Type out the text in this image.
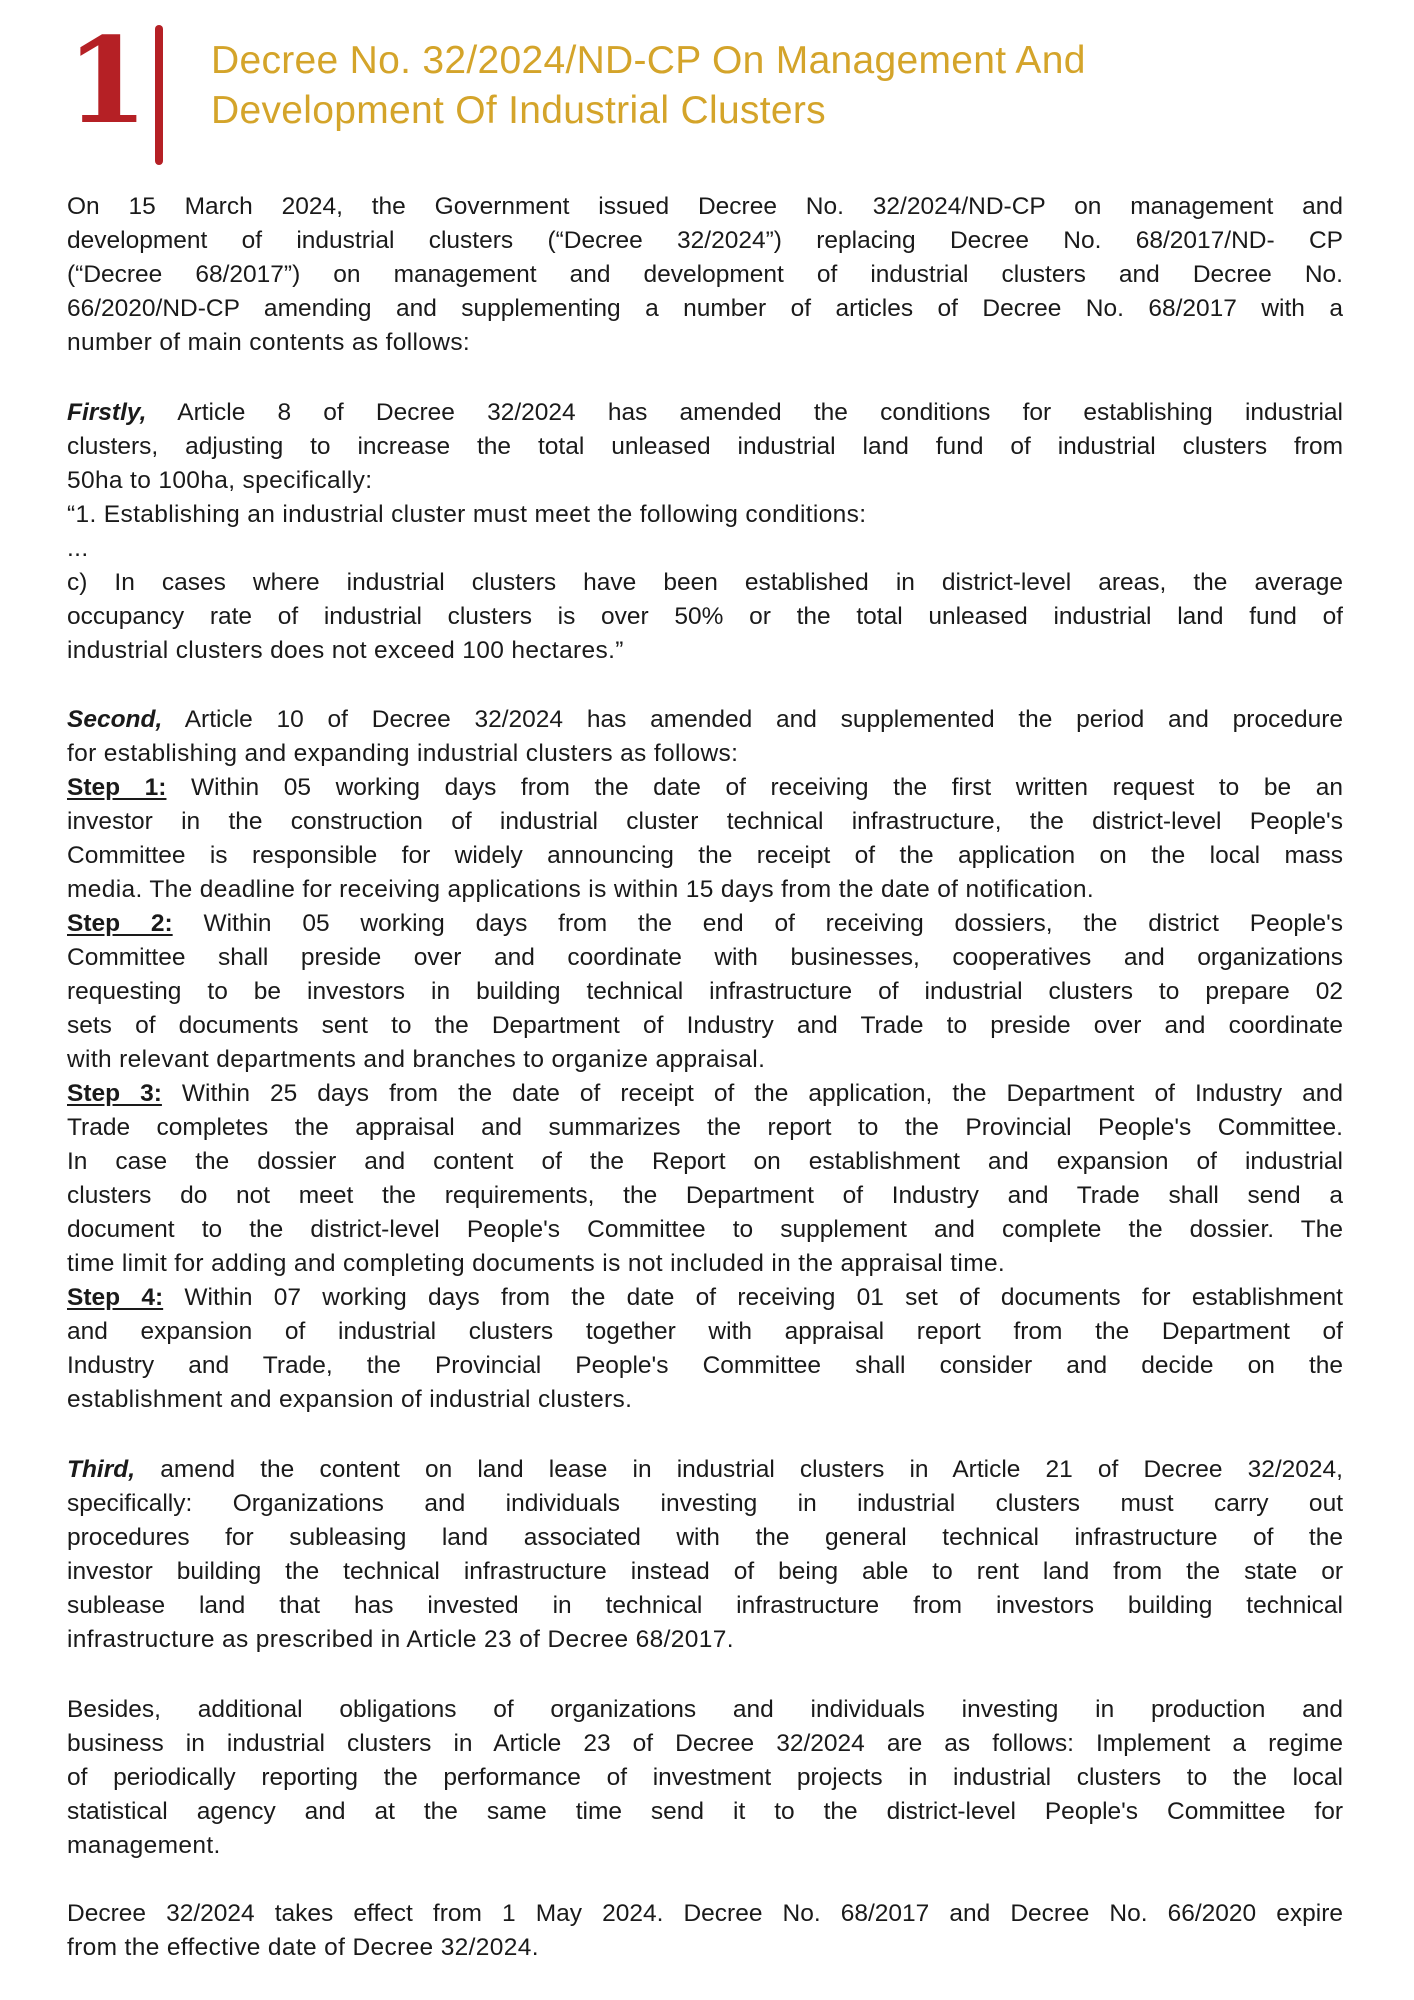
1 Decree No. 32/2024/ND-CP On Management And
Development Of Industrial Clusters
On 15 March 2024, the Government issued Decree No. 32/2024/ND-CP on management and
development of industrial clusters (“Decree 32/2024”) replacing Decree No. 68/2017/ND- CP
(“Decree 68/2017”) on management and development of industrial clusters and Decree No.
66/2020/ND-CP amending and supplementing a number of articles of Decree No. 68/2017 with a
number of main contents as follows:
Firstly, Article 8 of Decree 32/2024 has amended the conditions for establishing industrial
clusters, adjusting to increase the total unleased industrial land fund of industrial clusters from
50ha to 100ha, specifically:
“1. Establishing an industrial cluster must meet the following conditions:
...
c) In cases where industrial clusters have been established in district-level areas, the average
occupancy rate of industrial clusters is over 50% or the total unleased industrial land fund of
industrial clusters does not exceed 100 hectares.”
Second, Article 10 of Decree 32/2024 has amended and supplemented the period and procedure
for establishing and expanding industrial clusters as follows:
Step 1: Within 05 working days from the date of receiving the first written request to be an
investor in the construction of industrial cluster technical infrastructure, the district-level People's
Committee is responsible for widely announcing the receipt of the application on the local mass
media. The deadline for receiving applications is within 15 days from the date of notification.
Step 2: Within 05 working days from the end of receiving dossiers, the district People's
Committee shall preside over and coordinate with businesses, cooperatives and organizations
requesting to be investors in building technical infrastructure of industrial clusters to prepare 02
sets of documents sent to the Department of Industry and Trade to preside over and coordinate
with relevant departments and branches to organize appraisal.
Step 3: Within 25 days from the date of receipt of the application, the Department of Industry and
Trade completes the appraisal and summarizes the report to the Provincial People's Committee.
In case the dossier and content of the Report on establishment and expansion of industrial
clusters do not meet the requirements, the Department of Industry and Trade shall send a
document to the district-level People's Committee to supplement and complete the dossier. The
time limit for adding and completing documents is not included in the appraisal time.
Step 4: Within 07 working days from the date of receiving 01 set of documents for establishment
and expansion of industrial clusters together with appraisal report from the Department of
Industry and Trade, the Provincial People's Committee shall consider and decide on the
establishment and expansion of industrial clusters.
Third, amend the content on land lease in industrial clusters in Article 21 of Decree 32/2024,
specifically: Organizations and individuals investing in industrial clusters must carry out
procedures for subleasing land associated with the general technical infrastructure of the
investor building the technical infrastructure instead of being able to rent land from the state or
sublease land that has invested in technical infrastructure from investors building technical
infrastructure as prescribed in Article 23 of Decree 68/2017.
Besides, additional obligations of organizations and individuals investing in production and
business in industrial clusters in Article 23 of Decree 32/2024 are as follows: Implement a regime
of periodically reporting the performance of investment projects in industrial clusters to the local
statistical agency and at the same time send it to the district-level People's Committee for
management.
Decree 32/2024 takes effect from 1 May 2024. Decree No. 68/2017 and Decree No. 66/2020 expire
from the effective date of Decree 32/2024.
